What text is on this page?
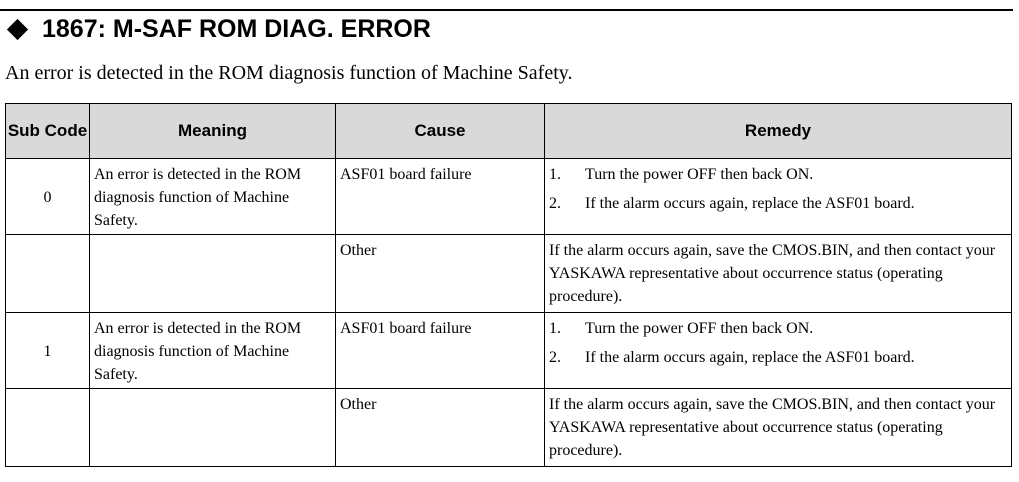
1867: M-SAF ROM DIAG. ERROR
An error is detected in the ROM diagnosis function of Machine Safety.
Sub Code	Meaning	Cause	Remedy
0	An error is detected in the ROM diagnosis function of Machine Safety.	ASF01 board failure	1. Turn the power OFF then back ON.
2. If the alarm occurs again, replace the ASF01 board.

		Other	If the alarm occurs again, save the CMOS.BIN, and then contact your YASKAWA representative about occurrence status (operating procedure).
1	An error is detected in the ROM diagnosis function of Machine Safety.	ASF01 board failure	1. Turn the power OFF then back ON.
2. If the alarm occurs again, replace the ASF01 board.

		Other	If the alarm occurs again, save the CMOS.BIN, and then contact your YASKAWA representative about occurrence status (operating procedure).
